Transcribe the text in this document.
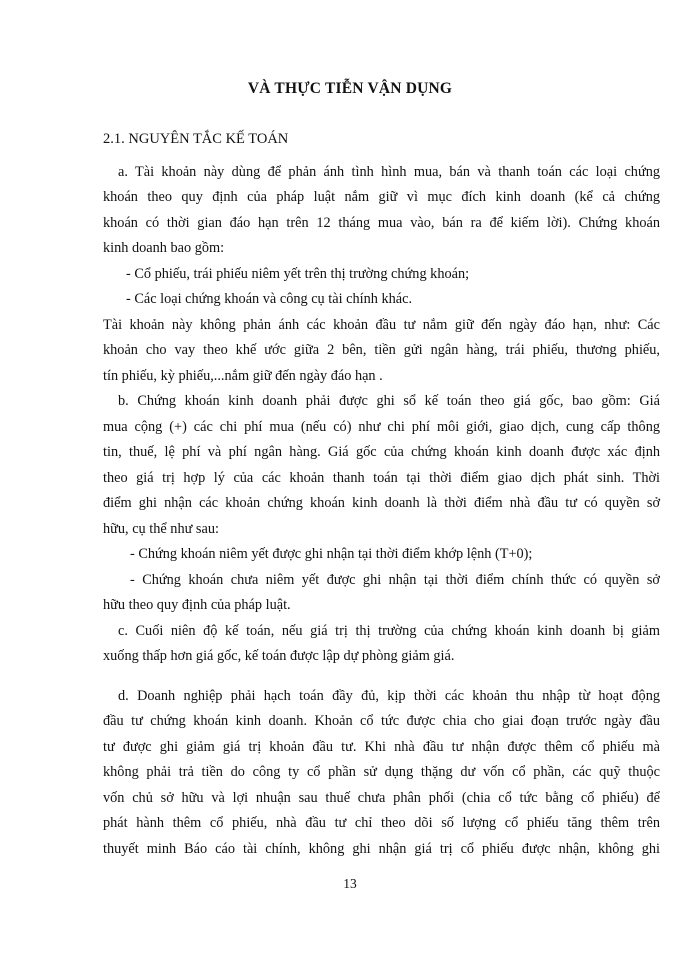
VÀ THỰC TIỄN VẬN DỤNG
2.1. NGUYÊN TẮC KẾ TOÁN
a. Tài khoản này dùng để phản ánh tình hình mua, bán và thanh toán các loại chứng
khoán theo quy định của pháp luật nắm giữ vì mục đích kinh doanh (kể cả chứng
khoán có thời gian đáo hạn trên 12 tháng mua vào, bán ra để kiếm lời). Chứng khoán
kinh doanh bao gồm:
- Cổ phiếu, trái phiếu niêm yết trên thị trường chứng khoán;
- Các loại chứng khoán và công cụ tài chính khác.
Tài khoản này không phản ánh các khoản đầu tư nắm giữ đến ngày đáo hạn, như: Các
khoản cho vay theo khế ước giữa 2 bên, tiền gửi ngân hàng, trái phiếu, thương phiếu,
tín phiếu, kỳ phiếu,...nắm giữ đến ngày đáo hạn .
b. Chứng khoán kinh doanh phải được ghi sổ kế toán theo giá gốc, bao gồm: Giá
mua cộng (+) các chi phí mua (nếu có) như chi phí môi giới, giao dịch, cung cấp thông
tin, thuế, lệ phí và phí ngân hàng. Giá gốc của chứng khoán kinh doanh được xác định
theo giá trị hợp lý của các khoản thanh toán tại thời điểm giao dịch phát sinh. Thời
điểm ghi nhận các khoản chứng khoán kinh doanh là thời điểm nhà đầu tư có quyền sở
hữu, cụ thể như sau:
- Chứng khoán niêm yết được ghi nhận tại thời điểm khớp lệnh (T+0);
- Chứng khoán chưa niêm yết được ghi nhận tại thời điểm chính thức có quyền sở
hữu theo quy định của pháp luật.
c. Cuối niên độ kế toán, nếu giá trị thị trường của chứng khoán kinh doanh bị giảm
xuống thấp hơn giá gốc, kế toán được lập dự phòng giảm giá.
d. Doanh nghiệp phải hạch toán đầy đủ, kịp thời các khoản thu nhập từ hoạt động
đầu tư chứng khoán kinh doanh. Khoản cổ tức được chia cho giai đoạn trước ngày đầu
tư được ghi giảm giá trị khoản đầu tư. Khi nhà đầu tư nhận được thêm cổ phiếu mà
không phải trả tiền do công ty cổ phần sử dụng thặng dư vốn cổ phần, các quỹ thuộc
vốn chủ sở hữu và lợi nhuận sau thuế chưa phân phối (chia cổ tức bằng cổ phiếu) để
phát hành thêm cổ phiếu, nhà đầu tư chỉ theo dõi số lượng cổ phiếu tăng thêm trên
thuyết minh Báo cáo tài chính, không ghi nhận giá trị cổ phiếu được nhận, không ghi
13
